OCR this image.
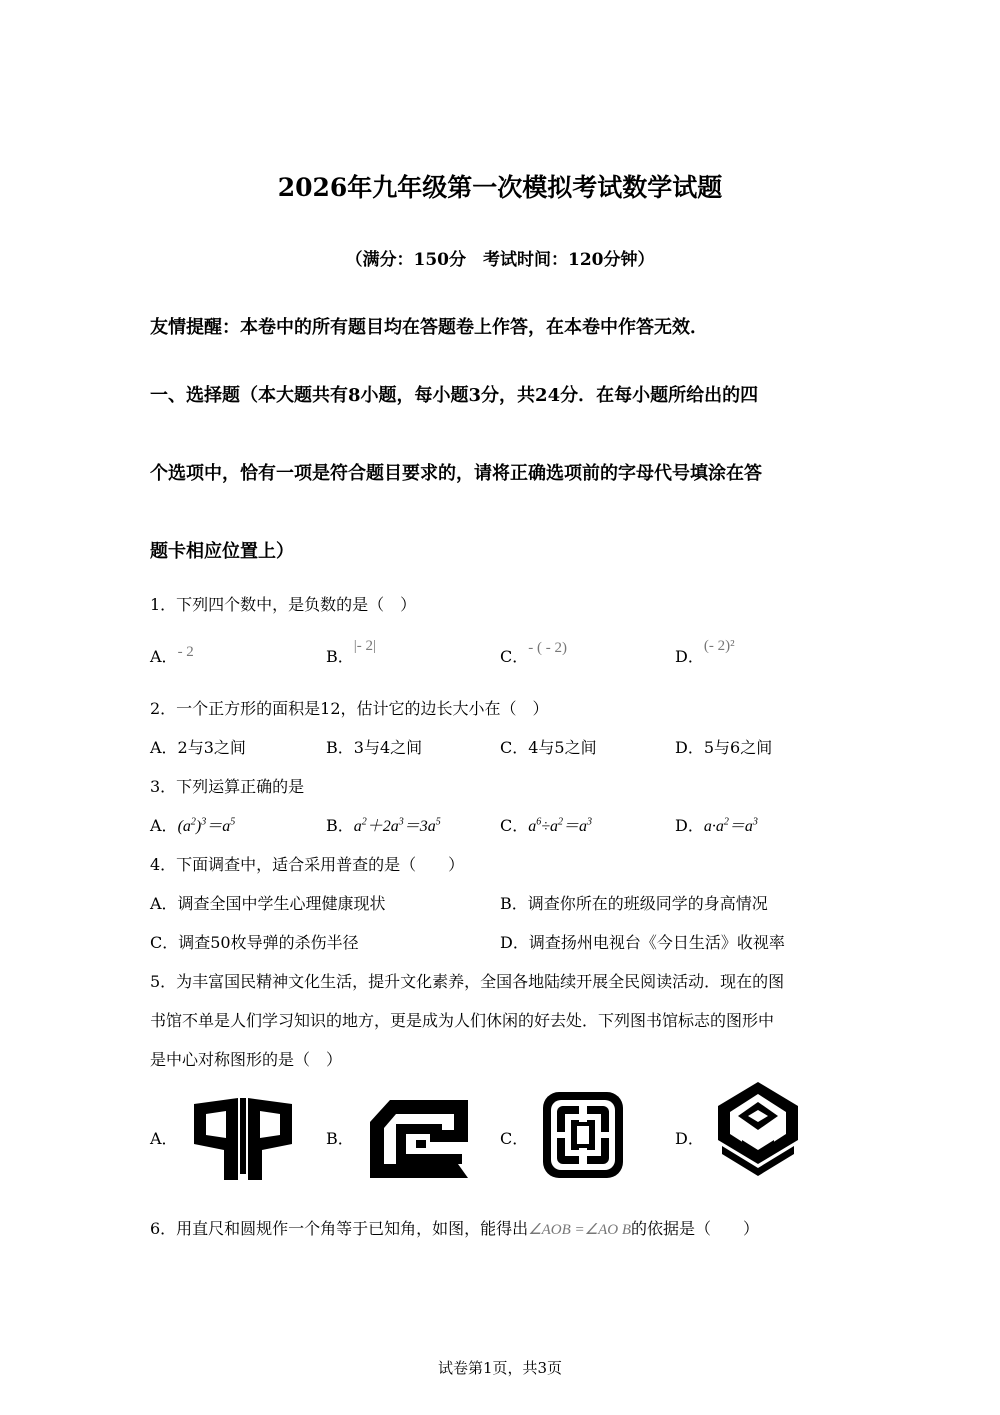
2026年九年级第一次模拟考试数学试题
（满分：150分　考试时间：120分钟）
友情提醒：本卷中的所有题目均在答题卷上作答，在本卷中作答无效．
一、选择题（本大题共有8小题，每小题3分，共24分．在每小题所给出的四
个选项中，恰有一项是符合题目要求的，请将正确选项前的字母代号填涂在答
题卡相应位置上）
1．下列四个数中，是负数的是（　）
A．- 2	B．|- 2|
C．- ( - 2)	D．(- 2)²
2．一个正方形的面积是12，估计它的边长大小在（　）
A．2与3之间	B．3与4之间	C．4与5之间	D．5与6之间
3．下列运算正确的是
A．$(a^2)^3=a^5$	B．$a^2+2a^3=3a^5$	C．$a^6\div a^2=a^3$	D．$a\cdot a^2=a^3$
4．下面调查中，适合采用普查的是（　　）
A．调查全国中学生心理健康现状	B．调查你所在的班级同学的身高情况
C．调查50枚导弹的杀伤半径	D．调查扬州电视台《今日生活》收视率
5．为丰富国民精神文化生活，提升文化素养，全国各地陆续开展全民阅读活动．现在的图
书馆不单是人们学习知识的地方，更是成为人们休闲的好去处．下列图书馆标志的图形中
是中心对称图形的是（　）
A．	B．	C．	D．
6．用直尺和圆规作一个角等于已知角，如图，能得出∠AOB =∠AO B的依据是（　　）
试卷第1页，共3页
